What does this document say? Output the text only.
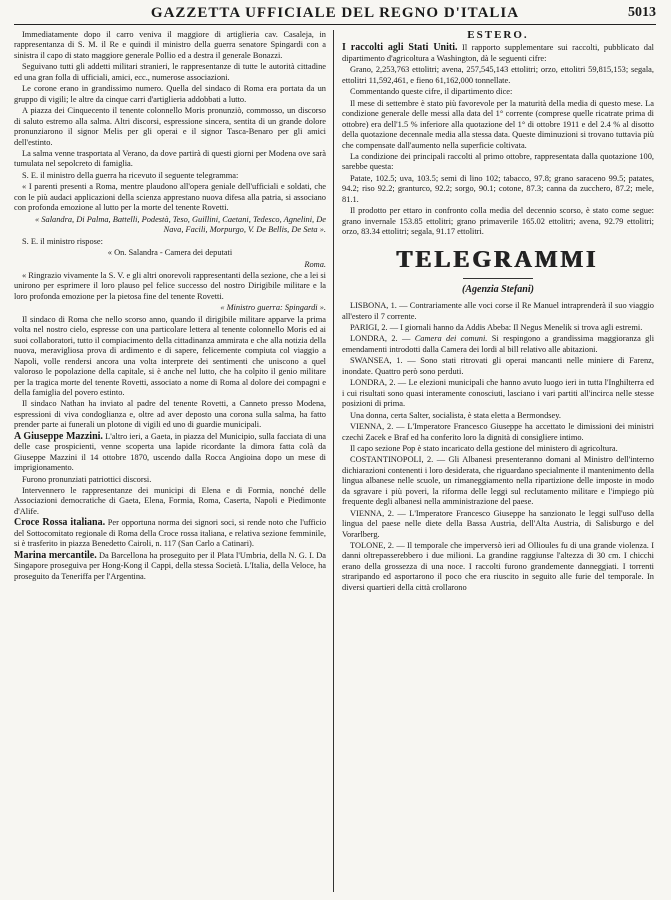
GAZZETTA UFFICIALE DEL REGNO D'ITALIA	5013

Immediatamente dopo il carro veniva il maggiore di artiglieria cav. Casaleja, in rappresentanza di S. M. il Re e quindi il ministro della guerra senatore Spingardi con a sinistra il capo di stato maggiore generale Pollio ed a destra il generale Bonazzi.

Seguivano tutti gli addetti militari stranieri, le rappresentanze di tutte le autorità cittadine ed una gran folla di ufficiali, amici, ecc., numerose associazioni.

Le corone erano in grandissimo numero. Quella del sindaco di Roma era portata da un gruppo di vigili; le altre da cinque carri d'artiglieria addobbati a lutto.

A piazza dei Cinquecento il tenente colonnello Moris pronunziò, commosso, un discorso di saluto estremo alla salma. Altri discorsi, espressione sincera, sentita di un grande dolore pronunziarono il signor Melis per gli operai e il signor Tasca-Benaro per gli amici dell'estinto.

La salma venne trasportata al Verano, da dove partirà di questi giorni per Modena ove sarà tumulata nel sepolcreto di famiglia.

S. E. il ministro della guerra ha ricevuto il seguente telegramma:

« I parenti presenti a Roma, mentre plaudono all'opera geniale dell'ufficiali e soldati, che con le più audaci applicazioni della scienza apprestano nuova difesa alla patria, si associano con profonda emozione al lutto per la morte del tenente Rovetti.

« Salandra, Di Palma, Battelli, Podestà, Teso, Guillini, Caetani, Tedesco, Agnelini, De Nava, Facili, Morpurgo, V. De Bellis, De Seta ».

S. E. il ministro rispose:

« On. Salandra - Camera dei deputati

Roma.

« Ringrazio vivamente la S. V. e gli altri onorevoli rappresentanti della sezione, che a lei si unirono per esprimere il loro plauso pel felice successo del nostro Dirigibile militare e la loro profonda emozione per la pietosa fine del tenente Rovetti.

« Ministro guerra: Spingardi ».

Il sindaco di Roma che nello scorso anno, quando il dirigibile militare apparve la prima volta nel nostro cielo, espresse con una particolare lettera al tenente colonnello Moris ed ai suoi collaboratori, tutto il compiacimento della cittadinanza ammirata e che alla notizia della nuova, meravigliosa prova di ardimento e di sapere, felicemente compiuta col viaggio a Napoli, volle rendersi ancora una volta interprete dei sentimenti che uniscono a quel valoroso le popolazione della capitale, si è anche nel lutto, che ha colpito il genio militare per la tragica morte del tenente Rovetti, associato a nome di Roma al dolore dei compagni e della famiglia del povero estinto.

Il sindaco Nathan ha inviato al padre del tenente Rovetti, a Canneto presso Modena, espressioni di viva condoglianza e, oltre ad aver deposto una corona sulla salma, ha fatto prender parte ai funerali un plotone di vigili ed uno di guardie municipali.

A Giuseppe Mazzini. L'altro ieri, a Gaeta, in piazza del Municipio, sulla facciata di una delle case prospicienti, venne scoperta una lapide ricordante la dimora fatta colà da Giuseppe Mazzini il 14 ottobre 1870, uscendo dalla Rocca Angioina dopo un mese di imprigionamento.

Furono pronunziati patriottici discorsi.

Intervennero le rappresentanze dei municipi di Elena e di Formia, nonché delle Associazioni democratiche di Gaeta, Elena, Formia, Roma, Caserta, Napoli e Piedimonte d'Alife.

Croce Rossa italiana. Per opportuna norma dei signori soci, si rende noto che l'ufficio del Sottocomitato regionale di Roma della Croce rossa italiana, e relativa sezione femminile, si è trasferito in piazza Benedetto Cairoli, n. 117 (San Carlo a Catinari).

Marina mercantile. Da Barcellona ha proseguito per il Plata l'Umbria, della N. G. I. Da Singapore proseguiva per Hong-Kong il Cappi, della stessa Società. L'Italia, della Veloce, ha proseguito da Teneriffa per l'Argentina.

ESTERO.

I raccolti agli Stati Uniti. Il rapporto supplementare sui raccolti, pubblicato dal dipartimento d'agricoltura a Washington, dà le seguenti cifre:

Grano, 2,253,763 ettolitri; avena, 257,545,143 ettolitri; orzo, ettolitri 59,815,153; segala, ettolitri 11,592,461, e fieno 61,162,000 tonnellate.

Commentando queste cifre, il dipartimento dice:

Il mese di settembre è stato più favorevole per la maturità della media di questo mese. La condizione generale delle messi alla data del 1° corrente (comprese quelle ricatrate prima di ottobre) era dell'1.5 % inferiore alla quotazione del 1° di ottobre 1911 e del 2.4 % al disotto della quotazione decennale media alla stessa data. Queste diminuzioni si trovano tuttavia più che compensate dall'aumento nella superficie coltivata.

La condizione dei principali raccolti al primo ottobre, rappresentata dalla quotazione 100, sarebbe questa:

Patate, 102.5; uva, 103.5; semi di lino 102; tabacco, 97.8; grano saraceno 99.5; patates, 94.2; riso 92.2; granturco, 92.2; sorgo, 90.1; cotone, 87.3; canna da zucchero, 87.2; mele, 81.1.

Il prodotto per ettaro in confronto colla media del decennio scorso, è stato come segue: grano invernale 153.85 ettolitri; grano primaverile 165.02 ettolitri; avena, 92.79 ettolitri; orzo, 83.34 ettolitri; segala, 91.17 ettolitri.

TELEGRAMMI
(Agenzia Stefani)

LISBONA, 1. — Contrariamente alle voci corse il Re Manuel intraprenderà il suo viaggio all'estero il 7 corrente.

PARIGI, 2. — I giornali hanno da Addis Abeba: Il Negus Menelik si trova agli estremi.

LONDRA, 2. — Camera dei comuni. Si respingono a grandissima maggioranza gli emendamenti introdotti dalla Camera dei lordi al bill relativo alle abitazioni.

SWANSEA, 1. — Sono stati ritrovati gli operai mancanti nelle miniere di Farenz, inondate. Quattro però sono perduti.

LONDRA, 2. — Le elezioni municipali che hanno avuto luogo ieri in tutta l'Inghilterra ed i cui risultati sono quasi interamente conosciuti, lasciano i vari partiti all'incirca nelle stesse posizioni di prima.

Una donna, certa Salter, socialista, è stata eletta a Bermondsey.

VIENNA, 2. — L'Imperatore Francesco Giuseppe ha accettato le dimissioni dei ministri czechi Zacek e Braf ed ha conferito loro la dignità di consigliere intimo.

Il capo sezione Pop è stato incaricato della gestione del ministero di agricoltura.

COSTANTINOPOLI, 2. — Gli Albanesi presenteranno domani al Ministro dell'interno dichiarazioni contenenti i loro desiderata, che riguardano specialmente il mantenimento della lingua albanese nelle scuole, un rimaneggiamento nella ripartizione delle imposte in modo da sgravare i più poveri, la riforma delle leggi sul reclutamento militare e l'impiego più frequente degli albanesi nella amministrazione del paese.

VIENNA, 2. — L'Imperatore Francesco Giuseppe ha sanzionato le leggi sull'uso della lingua del paese nelle diete della Bassa Austria, dell'Alta Austria, di Salisburgo e del Vorarlberg.

TOLONE, 2. — Il temporale che imperversò ieri ad Ollioules fu di una grande violenza. I danni oltrepasserebbero i due milioni. La grandine raggiunse l'altezza di 30 cm. I chicchi erano della grossezza di una noce. I raccolti furono grandemente danneggiati. I torrenti straripando ed asportarono il poco che era riuscito in seguito alle furie del temporale. In diversi quartieri della città crollarono
